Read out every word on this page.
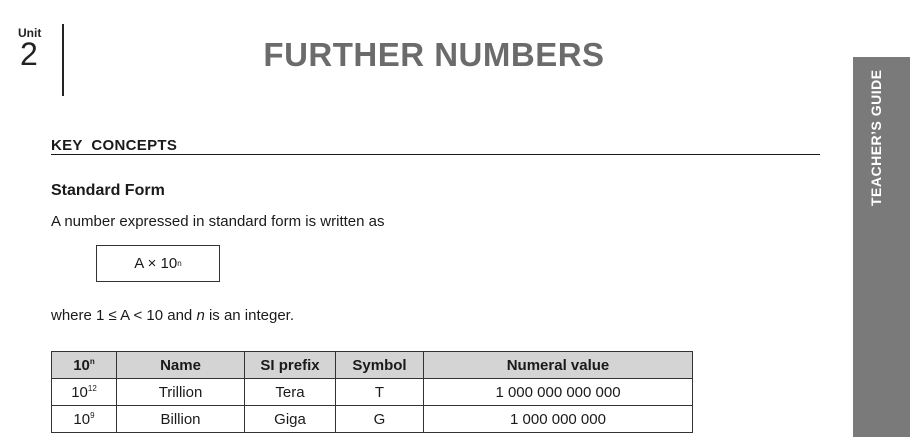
Unit
2	FURTHER NUMBERS
TEACHER’S GUIDE
KEY  CONCEPTS
Standard Form
A number expressed in standard form is written as
A × 10 n
where 1 ≤ A < 10 and n is an integer.
10$^n$	Name	SI prefix	Symbol	Numeral value
$10^{12}$	Trillion	Tera	T	1 000 000 000 000
$10^9$	Billion	Giga	G	1 000 000 000
